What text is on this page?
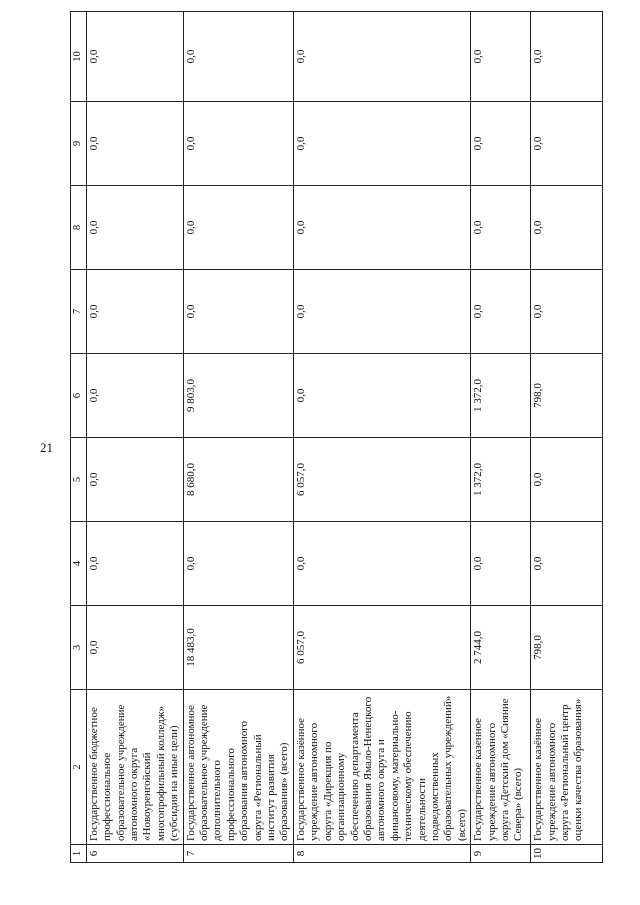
21
1	2	3	4	5	6	7	8	9	10
6	Государственное бюджетное профессиональное образовательное учреждение автономного округа «Новоуренгойский многопрофильный колледж» (субсидия на иные цели)	0,0	0,0	0,0	0,0	0,0	0,0	0,0	0,0
7	Государственное автономное образовательное учреждение дополнительного профессионального образования автономного округа «Региональный институт развития образования» (всего)	18 483,0	0,0	8 680,0	9 803,0	0,0	0,0	0,0	0,0
8	Государственное казённое учреждение автономного округа «Дирекция по организационному обеспечению департамента образования Ямало-Ненецкого автономного округа и финансовому, материально-техническому обеспечению деятельности подведомственных образовательных учреждений» (всего)	6 057,0	0,0	6 057,0	0,0	0,0	0,0	0,0	0,0
9	Государственное казенное учреждение автономного округа «Детский дом «Сияние Севера» (всего)	2 744,0	0,0	1 372,0	1 372,0	0,0	0,0	0,0	0,0
10	Государственное казённое учреждение автономного округа «Региональный центр оценки качества образования»	798,0	0,0	0,0	798,0	0,0	0,0	0,0	0,0
